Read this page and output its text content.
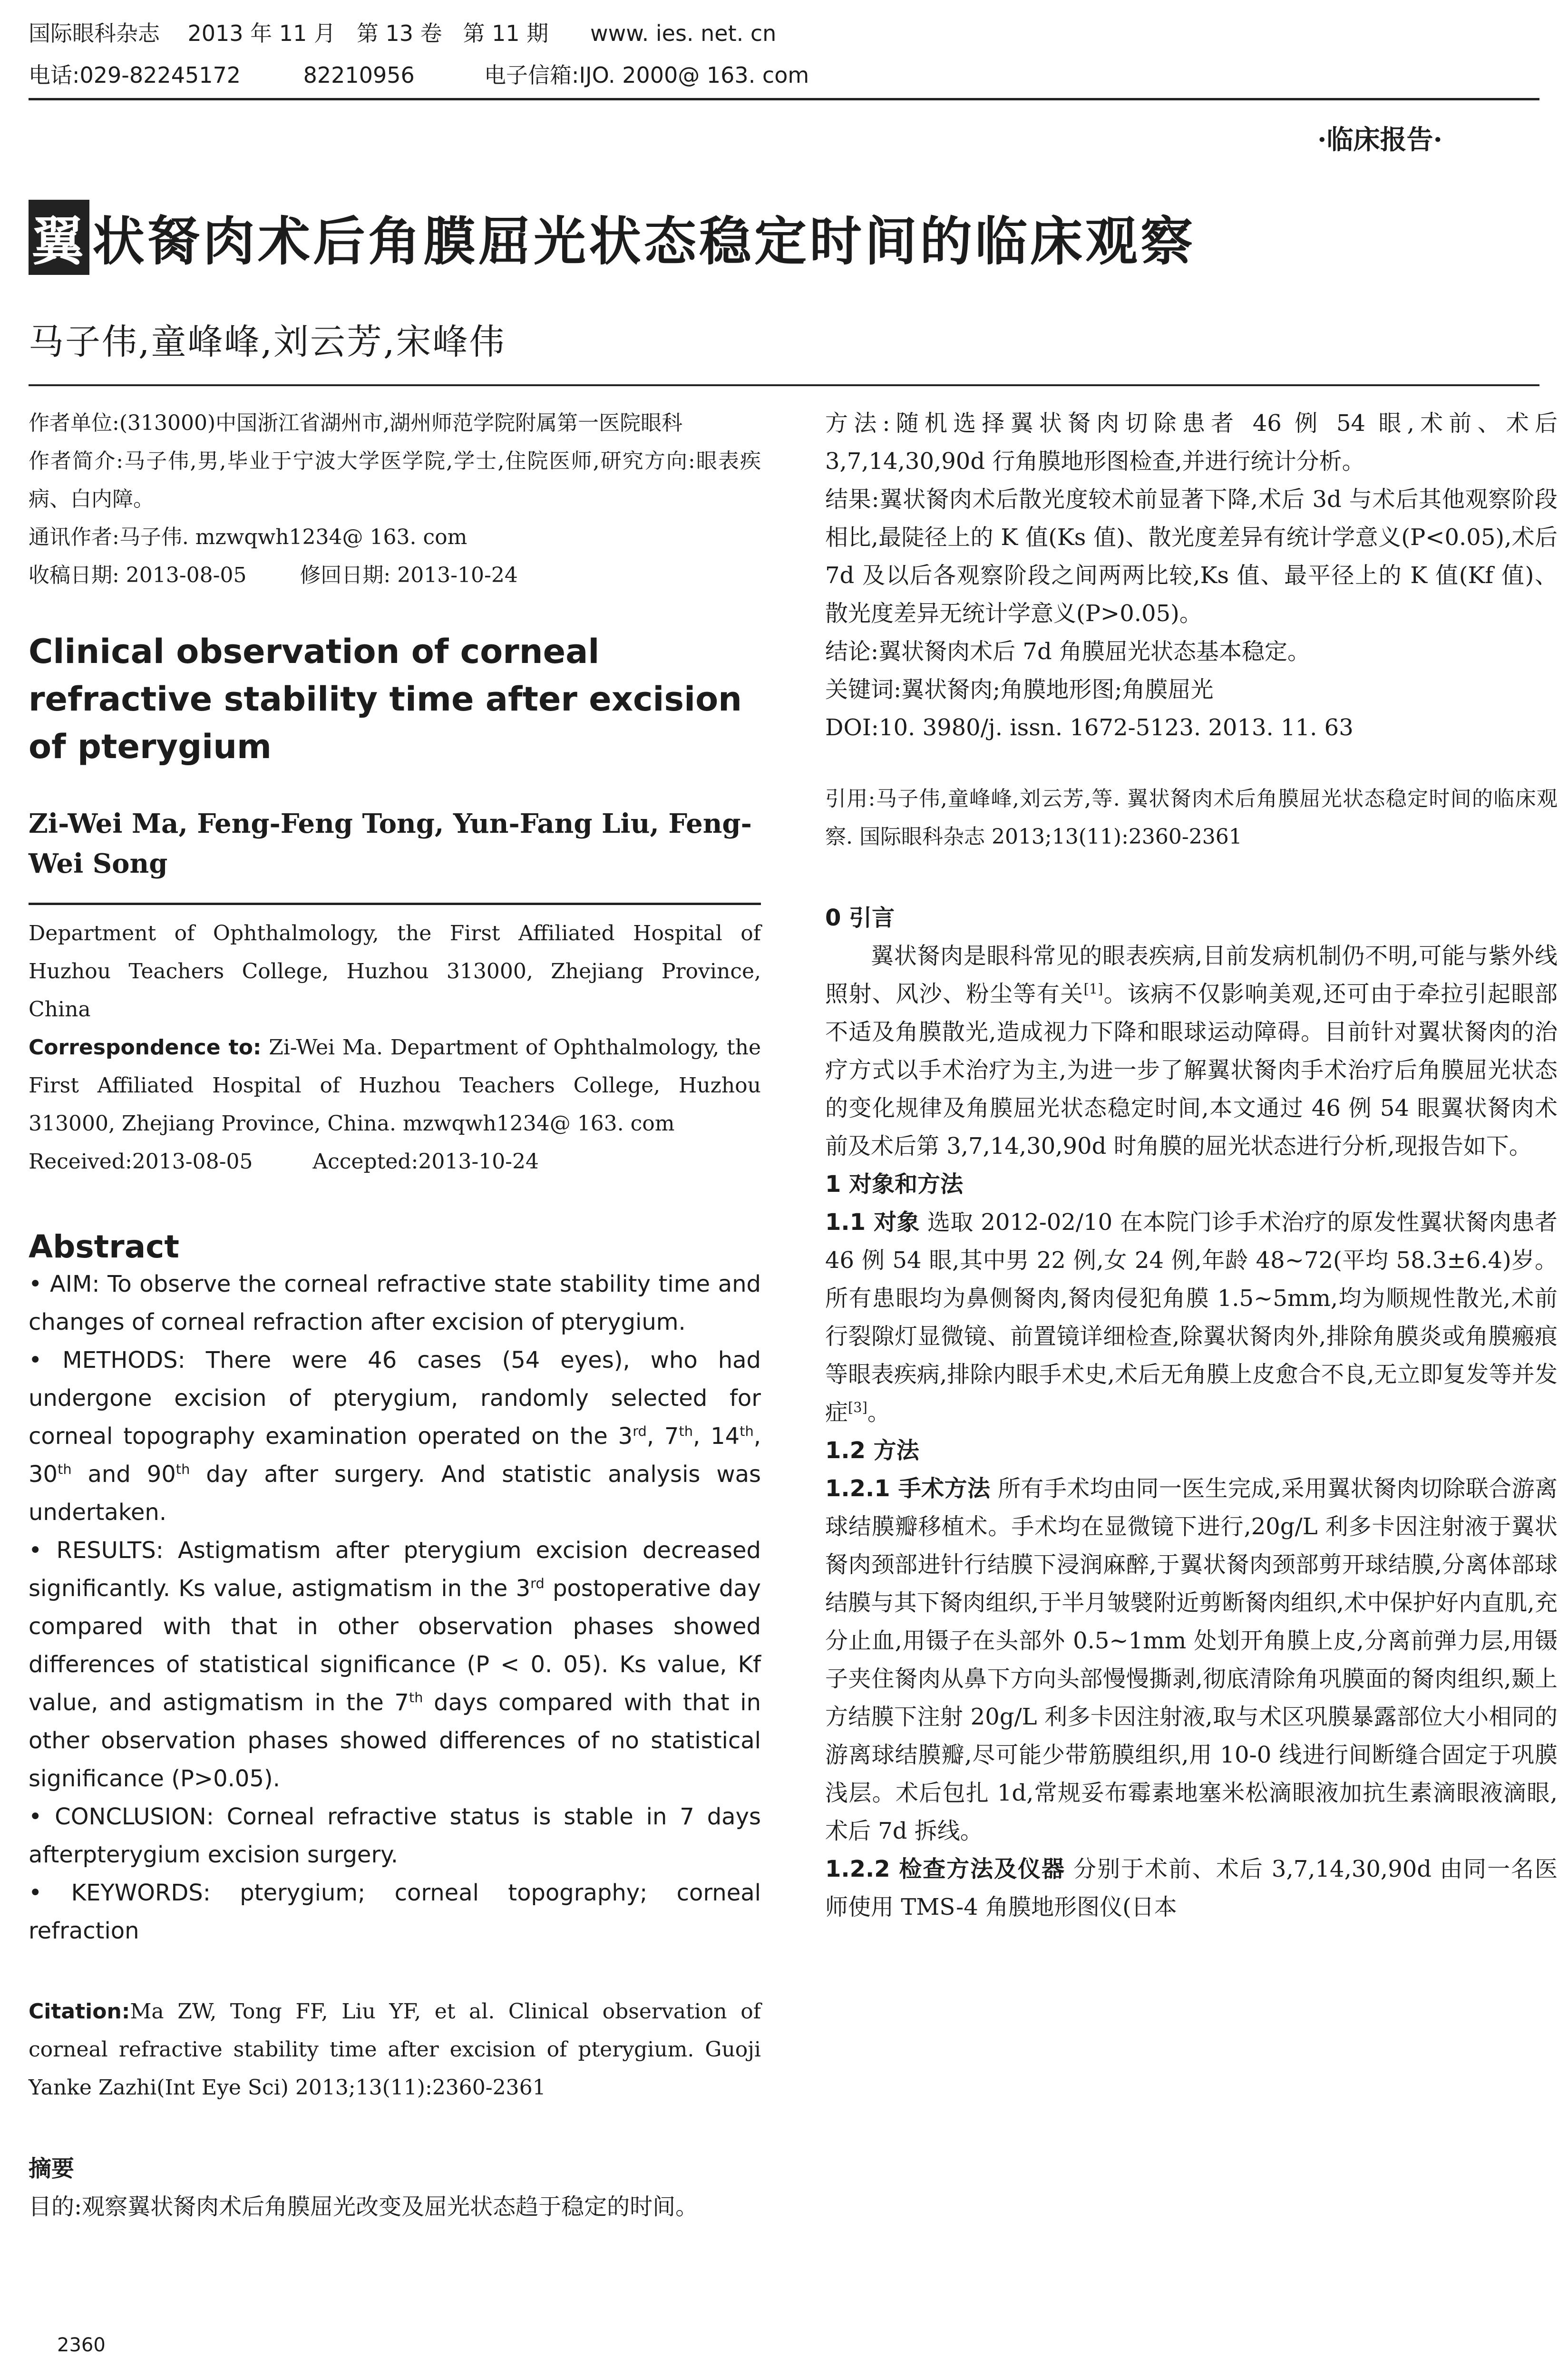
国际眼科杂志    2013 年 11 月   第 13 卷   第 11 期      www. ies. net. cn
电话:029-82245172         82210956          电子信箱:IJO. 2000@ 163. com
·临床报告·
翼 状胬肉术后角膜屈光状态稳定时间的临床观察
马子伟,童峰峰,刘云芳,宋峰伟

作者单位:(313000)中国浙江省湖州市,湖州师范学院附属第一医院眼科

作者简介:马子伟,男,毕业于宁波大学医学院,学士,住院医师,研究方向:眼表疾病、白内障。

通讯作者:马子伟. mzwqwh1234@ 163. com

收稿日期: 2013-08-05        修回日期: 2013-10-24

Clinical observation of corneal refractive stability time after excision of pterygium
Zi-Wei Ma, Feng-Feng Tong, Yun-Fang Liu, Feng-Wei Song

Department of Ophthalmology, the First Affiliated Hospital of Huzhou Teachers College, Huzhou 313000, Zhejiang Province, China

Correspondence to: Zi-Wei Ma. Department of Ophthalmology, the First Affiliated Hospital of Huzhou Teachers College, Huzhou 313000, Zhejiang Province, China. mzwqwh1234@ 163. com

Received:2013-08-05         Accepted:2013-10-24

Abstract

• AIM: To observe the corneal refractive state stability time and changes of corneal refraction after excision of pterygium.

• METHODS: There were 46 cases (54 eyes), who had undergone excision of pterygium, randomly selected for corneal topography examination operated on the 3rd, 7th, 14th, 30th and 90th day after surgery. And statistic analysis was undertaken.

• RESULTS: Astigmatism after pterygium excision decreased significantly. Ks value, astigmatism in the 3rd postoperative day compared with that in other observation phases showed differences of statistical significance (P < 0. 05). Ks value, Kf value, and astigmatism in the 7th days compared with that in other observation phases showed differences of no statistical significance (P>0.05).

• CONCLUSION: Corneal refractive status is stable in 7 days afterpterygium excision surgery.

• KEYWORDS: pterygium; corneal topography; corneal refraction

Citation:Ma ZW, Tong FF, Liu YF, et al. Clinical observation of corneal refractive stability time after excision of pterygium. Guoji Yanke Zazhi(Int Eye Sci) 2013;13(11):2360-2361

摘要

目的:观察翼状胬肉术后角膜屈光改变及屈光状态趋于稳定的时间。

2360

方法:随机选择翼状胬肉切除患者 46 例 54 眼,术前、术后 3,7,14,30,90d 行角膜地形图检查,并进行统计分析。

结果:翼状胬肉术后散光度较术前显著下降,术后 3d 与术后其他观察阶段相比,最陡径上的 K 值(Ks 值)、散光度差异有统计学意义(P<0.05),术后 7d 及以后各观察阶段之间两两比较,Ks 值、最平径上的 K 值(Kf 值)、散光度差异无统计学意义(P>0.05)。

结论:翼状胬肉术后 7d 角膜屈光状态基本稳定。

关键词:翼状胬肉;角膜地形图;角膜屈光

DOI:10. 3980/j. issn. 1672-5123. 2013. 11. 63

引用:马子伟,童峰峰,刘云芳,等. 翼状胬肉术后角膜屈光状态稳定时间的临床观察. 国际眼科杂志 2013;13(11):2360-2361

0 引言

翼状胬肉是眼科常见的眼表疾病,目前发病机制仍不明,可能与紫外线照射、风沙、粉尘等有关[1]。该病不仅影响美观,还可由于牵拉引起眼部不适及角膜散光,造成视力下降和眼球运动障碍。目前针对翼状胬肉的治疗方式以手术治疗为主,为进一步了解翼状胬肉手术治疗后角膜屈光状态的变化规律及角膜屈光状态稳定时间,本文通过 46 例 54 眼翼状胬肉术前及术后第 3,7,14,30,90d 时角膜的屈光状态进行分析,现报告如下。

1 对象和方法

1.1 对象 选取 2012-02/10 在本院门诊手术治疗的原发性翼状胬肉患者 46 例 54 眼,其中男 22 例,女 24 例,年龄 48~72(平均 58.3±6.4)岁。所有患眼均为鼻侧胬肉,胬肉侵犯角膜 1.5~5mm,均为顺规性散光,术前行裂隙灯显微镜、前置镜详细检查,除翼状胬肉外,排除角膜炎或角膜瘢痕等眼表疾病,排除内眼手术史,术后无角膜上皮愈合不良,无立即复发等并发症[3]。

1.2 方法

1.2.1 手术方法 所有手术均由同一医生完成,采用翼状胬肉切除联合游离球结膜瓣移植术。手术均在显微镜下进行,20g/L 利多卡因注射液于翼状胬肉颈部进针行结膜下浸润麻醉,于翼状胬肉颈部剪开球结膜,分离体部球结膜与其下胬肉组织,于半月皱襞附近剪断胬肉组织,术中保护好内直肌,充分止血,用镊子在头部外 0.5~1mm 处划开角膜上皮,分离前弹力层,用镊子夹住胬肉从鼻下方向头部慢慢撕剥,彻底清除角巩膜面的胬肉组织,颞上方结膜下注射 20g/L 利多卡因注射液,取与术区巩膜暴露部位大小相同的游离球结膜瓣,尽可能少带筋膜组织,用 10-0 线进行间断缝合固定于巩膜浅层。术后包扎 1d,常规妥布霉素地塞米松滴眼液加抗生素滴眼液滴眼,术后 7d 拆线。

1.2.2 检查方法及仪器 分别于术前、术后 3,7,14,30,90d 由同一名医师使用 TMS-4 角膜地形图仪(日本
